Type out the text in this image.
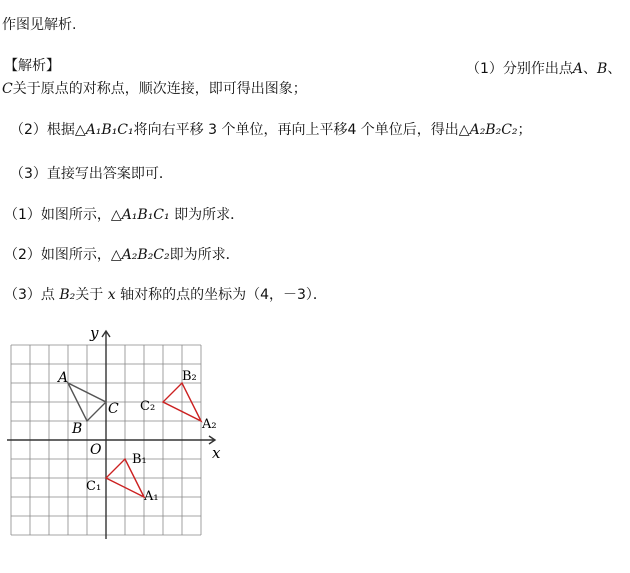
作图见解析.
【解析】	（1）分别作出点A、B、
C关于原点的对称点，顺次连接，即可得出图象；
（2）根据△A₁B₁C₁将向右平移 3 个单位，再向上平移4 个单位后，得出△A₂B₂C₂；
（3）直接写出答案即可．
（1）如图所示，△A₁B₁C₁ 即为所求．
（2）如图所示，△A₂B₂C₂即为所求．
（3）点 B₂关于 x 轴对称的点的坐标为（4，－3）．
x
y
O
A
B
C
B₂
C₂
A₂
B₁
C₁
A₁
